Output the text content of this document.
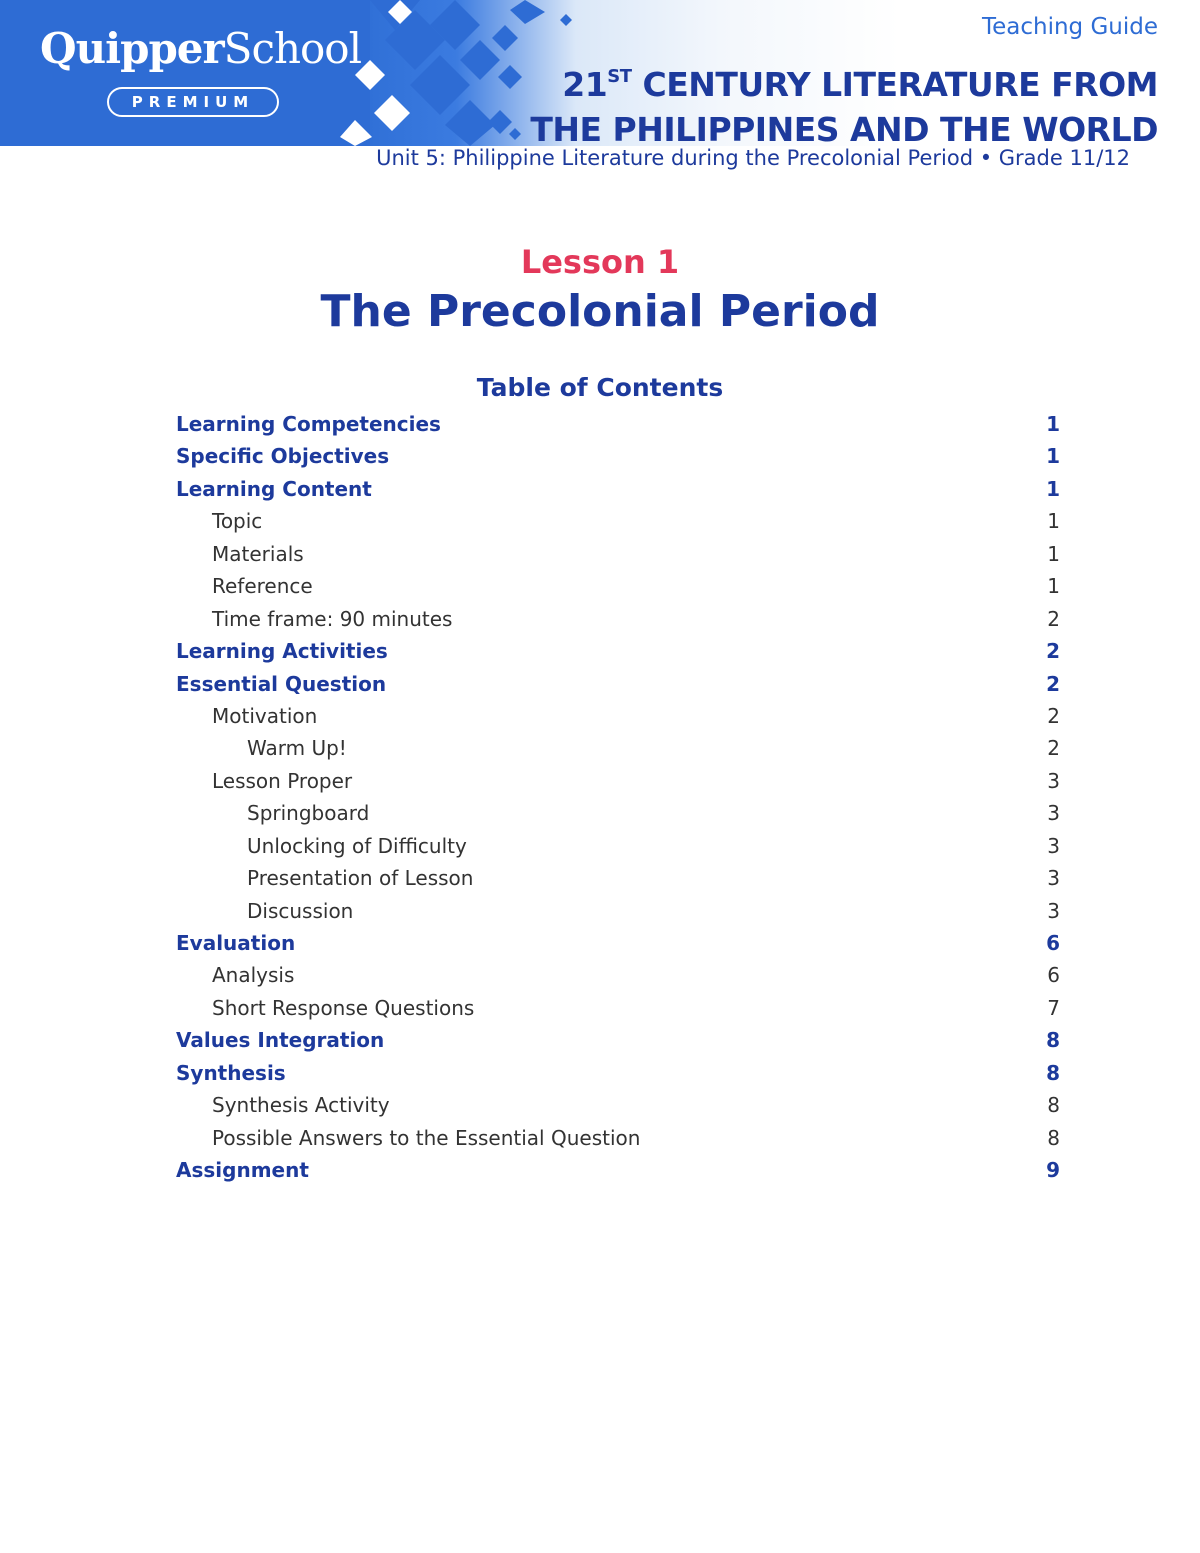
QuipperSchool
PREMIUM
Teaching Guide
21ST CENTURY LITERATURE FROM
THE PHILIPPINES AND THE WORLD
Unit 5: Philippine Literature during the Precolonial Period • Grade 11/12
Lesson 1
The Precolonial Period
Table of Contents
Learning Competencies	1
Specific Objectives	1
Learning Content	1
Topic	1
Materials	1
Reference	1
Time frame: 90 minutes	2
Learning Activities	2
Essential Question	2
Motivation	2
Warm Up!	2
Lesson Proper	3
Springboard	3
Unlocking of Difficulty	3
Presentation of Lesson	3
Discussion	3
Evaluation	6
Analysis	6
Short Response Questions	7
Values Integration	8
Synthesis	8
Synthesis Activity	8
Possible Answers to the Essential Question	8
Assignment	9
